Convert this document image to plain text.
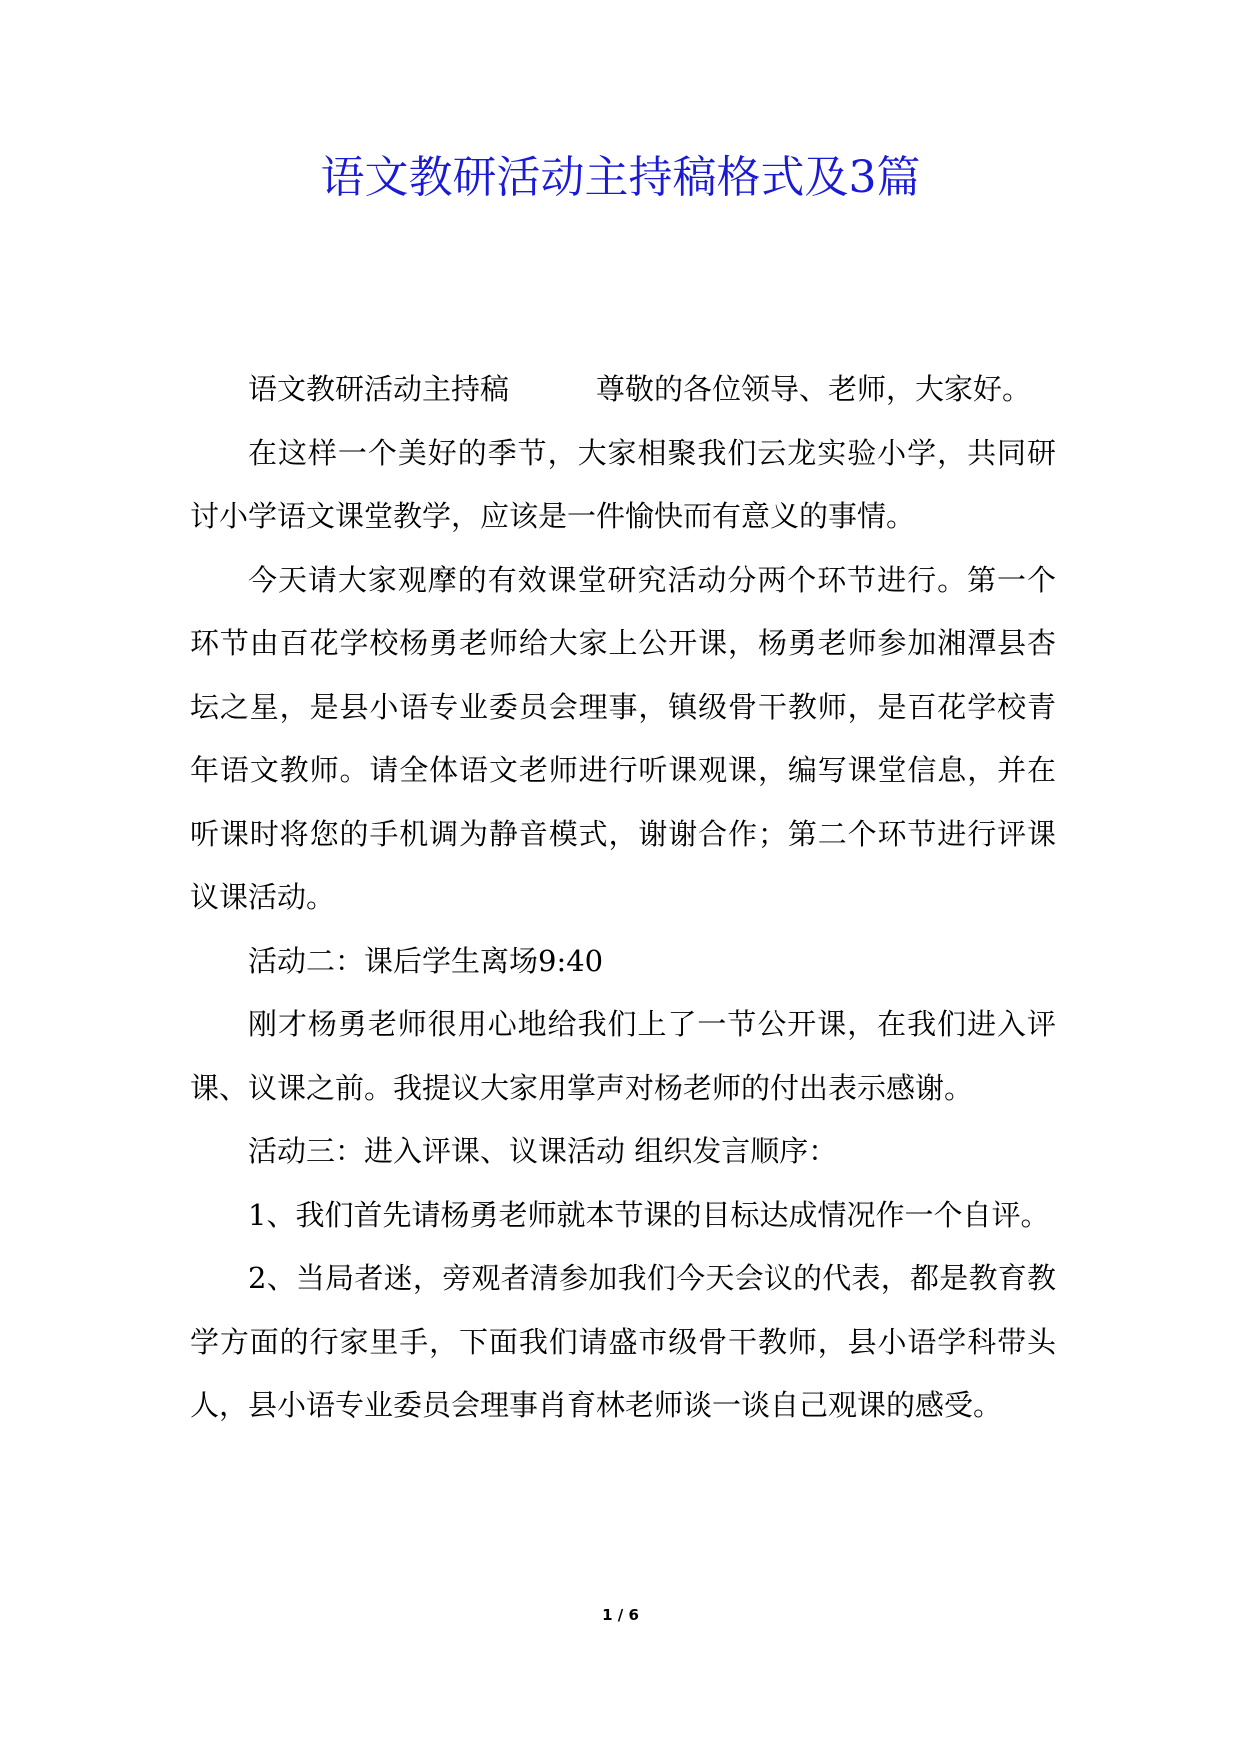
语文教研活动主持稿格式及3篇

语文教研活动主持稿　　　尊敬的各位领导、老师，大家好。

在这样一个美好的季节，大家相聚我们云龙实验小学，共同研讨小学语文课堂教学，应该是一件愉快而有意义的事情。

今天请大家观摩的有效课堂研究活动分两个环节进行。第一个环节由百花学校杨勇老师给大家上公开课，杨勇老师参加湘潭县杏坛之星，是县小语专业委员会理事，镇级骨干教师，是百花学校青年语文教师。请全体语文老师进行听课观课，编写课堂信息，并在听课时将您的手机调为静音模式，谢谢合作；第二个环节进行评课议课活动。

活动二：课后学生离场9:40

刚才杨勇老师很用心地给我们上了一节公开课，在我们进入评课、议课之前。我提议大家用掌声对杨老师的付出表示感谢。

活动三：进入评课、议课活动 组织发言顺序：

1、我们首先请杨勇老师就本节课的目标达成情况作一个自评。

2、当局者迷，旁观者清参加我们今天会议的代表，都是教育教学方面的行家里手，下面我们请盛市级骨干教师，县小语学科带头人，县小语专业委员会理事肖育林老师谈一谈自己观课的感受。

1 / 6
